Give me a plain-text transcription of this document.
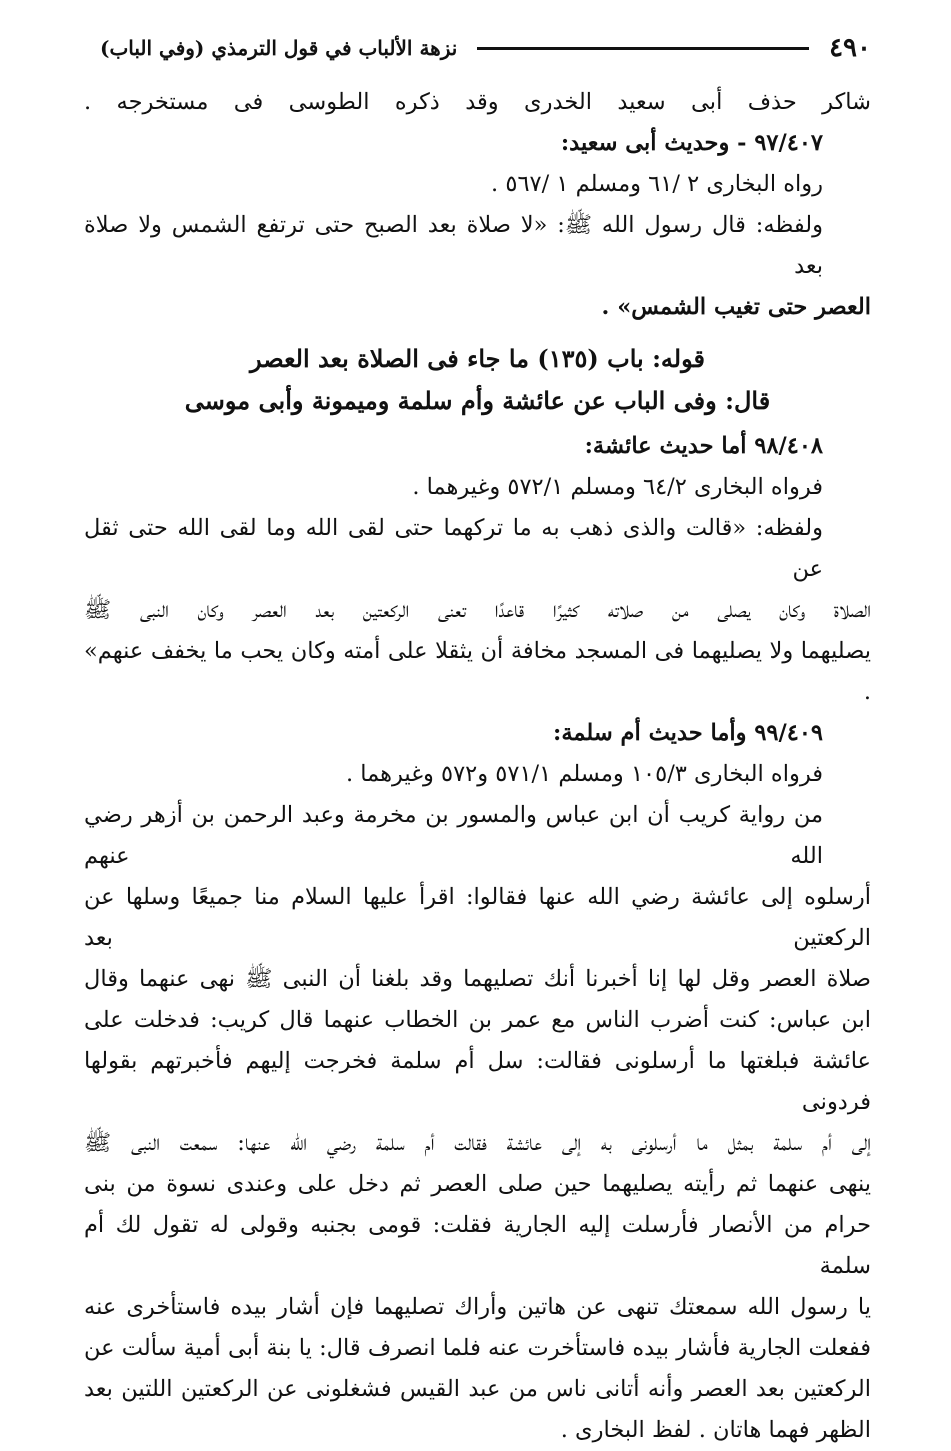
٤٩٠
نزهة الألباب في قول الترمذي (وفي الباب)

شاكر حذف أبى سعيد الخدرى وقد ذكره الطوسى فى مستخرجه .

٩٧/٤٠٧ - وحديث أبى سعيد:

رواه البخارى ٢ /٦١ ومسلم ١ /٥٦٧ .

ولفظه: قال رسول الله ﷺ: «لا صلاة بعد الصبح حتى ترتفع الشمس ولا صلاة بعد

العصر حتى تغيب الشمس» .

قوله: باب (١٣٥) ما جاء فى الصلاة بعد العصر

قال: وفى الباب عن عائشة وأم سلمة وميمونة وأبى موسى

٩٨/٤٠٨ أما حديث عائشة:

فرواه البخارى ٦٤/٢ ومسلم ٥٧٢/١ وغيرهما .

ولفظه: «قالت والذى ذهب به ما تركهما حتى لقى الله وما لقى الله حتى ثقل عن

الصلاة وكان يصلى من صلاته كثيرًا قاعدًا تعنى الركعتين بعد العصر وكان النبى ﷺ

يصليهما ولا يصليهما فى المسجد مخافة أن يثقلا على أمته وكان يحب ما يخفف عنهم» .

٩٩/٤٠٩ وأما حديث أم سلمة:

فرواه البخارى ١٠٥/٣ ومسلم ٥٧١/١ و٥٧٢ وغيرهما .

من رواية كريب أن ابن عباس والمسور بن مخرمة وعبد الرحمن بن أزهر رضي الله عنهم

أرسلوه إلى عائشة رضي الله عنها فقالوا: اقرأ عليها السلام منا جميعًا وسلها عن الركعتين بعد

صلاة العصر وقل لها إنا أخبرنا أنك تصليهما وقد بلغنا أن النبى ﷺ نهى عنهما وقال

ابن عباس: كنت أضرب الناس مع عمر بن الخطاب عنهما قال كريب: فدخلت على

عائشة فبلغتها ما أرسلونى فقالت: سل أم سلمة فخرجت إليهم فأخبرتهم بقولها فردونى

إلى أم سلمة بمثل ما أرسلونى به إلى عائشة فقالت أم سلمة رضي الله عنها: سمعت النبى ﷺ

ينهى عنهما ثم رأيته يصليهما حين صلى العصر ثم دخل على وعندى نسوة من بنى

حرام من الأنصار فأرسلت إليه الجارية فقلت: قومى بجنبه وقولى له تقول لك أم سلمة

يا رسول الله سمعتك تنهى عن هاتين وأراك تصليهما فإن أشار بيده فاستأخرى عنه

ففعلت الجارية فأشار بيده فاستأخرت عنه فلما انصرف قال: يا بنة أبى أمية سألت عن

الركعتين بعد العصر وأنه أتانى ناس من عبد القيس فشغلونى عن الركعتين اللتين بعد

الظهر فهما هاتان . لفظ البخارى .
